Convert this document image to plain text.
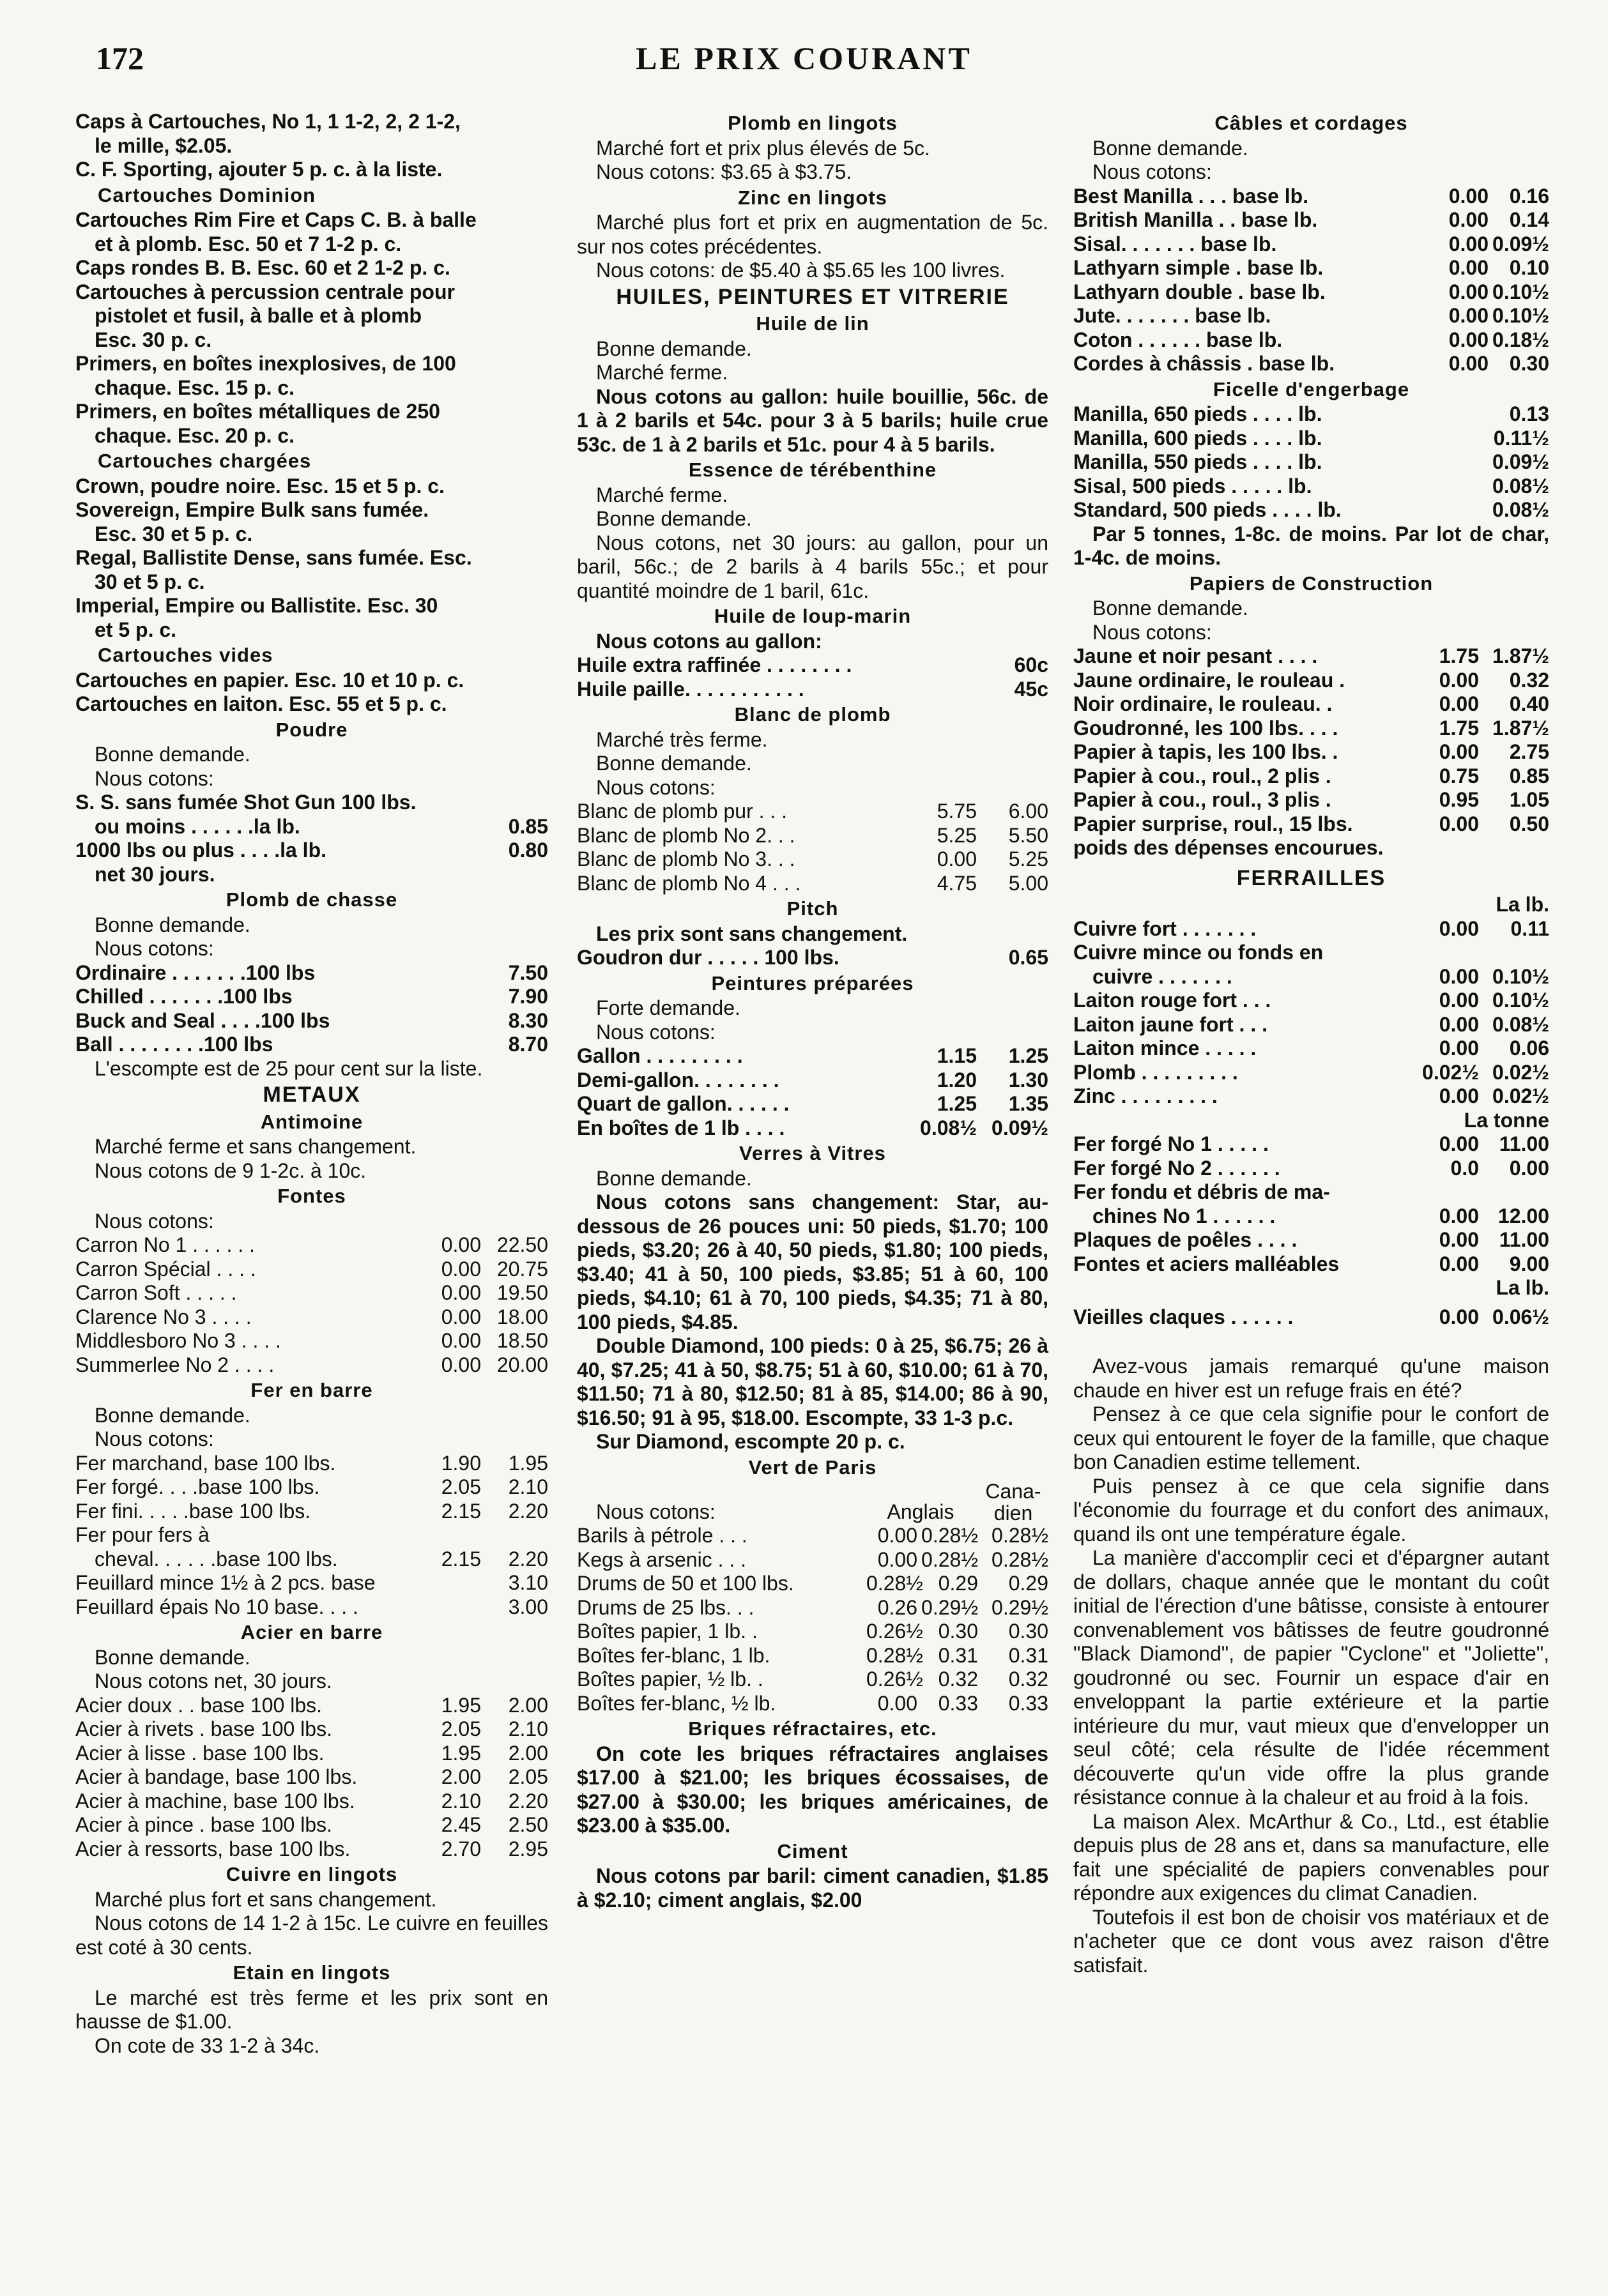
172	LE PRIX COURANT
Caps à Cartouches, No 1, 1 1-2, 2, 2 1-2,
le mille, $2.05.
C. F. Sporting, ajouter 5 p. c. à la liste.
Cartouches Dominion
Cartouches Rim Fire et Caps C. B. à balle
et à plomb. Esc. 50 et 7 1-2 p. c.
Caps rondes B. B. Esc. 60 et 2 1-2 p. c.
Cartouches à percussion centrale pour
pistolet et fusil, à balle et à plomb
Esc. 30 p. c.
Primers, en boîtes inexplosives, de 100
chaque. Esc. 15 p. c.
Primers, en boîtes métalliques de 250
chaque. Esc. 20 p. c.
Cartouches chargées
Crown, poudre noire. Esc. 15 et 5 p. c.
Sovereign, Empire Bulk sans fumée.
Esc. 30 et 5 p. c.
Regal, Ballistite Dense, sans fumée. Esc.
30 et 5 p. c.
Imperial, Empire ou Ballistite. Esc. 30
et 5 p. c.
Cartouches vides
Cartouches en papier. Esc. 10 et 10 p. c.
Cartouches en laiton. Esc. 55 et 5 p. c.
Poudre
Bonne demande.
Nous cotons:
S. S. sans fumée Shot Gun 100 lbs.
ou moins . . . . . .la lb.	0.85
1000 lbs ou plus . . . .la lb.	0.80
net 30 jours.
Plomb de chasse
Bonne demande.
Nous cotons:
Ordinaire . . . . . . .100 lbs	7.50
Chilled . . . . . . .100 lbs	7.90
Buck and Seal . . . .100 lbs	8.30
Ball . . . . . . . .100 lbs	8.70
L'escompte est de 25 pour cent sur la liste.
METAUX
Antimoine
Marché ferme et sans changement.
Nous cotons de 9 1-2c. à 10c.
Fontes
Nous cotons:
Carron No 1 . . . . . .	0.00 22.50
Carron Spécial . . . .	0.00 20.75
Carron Soft . . . . .	0.00 19.50
Clarence No 3 . . . .	0.00 18.00
Middlesboro No 3 . . . .	0.00 18.50
Summerlee No 2 . . . .	0.00 20.00
Fer en barre
Bonne demande.
Nous cotons:
Fer marchand, base 100 lbs.	1.90	1.95
Fer forgé. . . .base 100 lbs.	2.05	2.10
Fer fini. . . . .base 100 lbs.	2.15	2.20
Fer pour fers à
cheval. . . . . .base 100 lbs.	2.15	2.20
Feuillard mince 1½ à 2 pcs. base	3.10
Feuillard épais No 10 base. . . .	3.00
Acier en barre
Bonne demande.
Nous cotons net, 30 jours.
Acier doux . . base 100 lbs.	1.95	2.00
Acier à rivets . base 100 lbs.	2.05	2.10
Acier à lisse . base 100 lbs.	1.95	2.00
Acier à bandage, base 100 lbs.	2.00	2.05
Acier à machine, base 100 lbs.	2.10	2.20
Acier à pince . base 100 lbs.	2.45	2.50
Acier à ressorts, base 100 lbs.	2.70	2.95
Cuivre en lingots
Marché plus fort et sans changement.
Nous cotons de 14 1-2 à 15c. Le cuivre en feuilles est coté à 30 cents.
Etain en lingots
Le marché est très ferme et les prix sont en hausse de $1.00.
On cote de 33 1-2 à 34c.
Plomb en lingots
Marché fort et prix plus élevés de 5c.
Nous cotons: $3.65 à $3.75.
Zinc en lingots
Marché plus fort et prix en augmentation de 5c. sur nos cotes précédentes.
Nous cotons: de $5.40 à $5.65 les 100 livres.
HUILES, PEINTURES ET VITRERIE
Huile de lin
Bonne demande.
Marché ferme.
Nous cotons au gallon: huile bouillie, 56c. de 1 à 2 barils et 54c. pour 3 à 5 barils; huile crue 53c. de 1 à 2 barils et 51c. pour 4 à 5 barils.
Essence de térébenthine
Marché ferme.
Bonne demande.
Nous cotons, net 30 jours: au gallon, pour un baril, 56c.; de 2 barils à 4 barils 55c.; et pour quantité moindre de 1 baril, 61c.
Huile de loup-marin
Nous cotons au gallon:
Huile extra raffinée . . . . . . . .	60c
Huile paille. . . . . . . . . . .	45c
Blanc de plomb
Marché très ferme.
Bonne demande.
Nous cotons:
Blanc de plomb pur . . .	5.75	6.00
Blanc de plomb No 2. . .	5.25	5.50
Blanc de plomb No 3. . .	0.00	5.25
Blanc de plomb No 4 . . .	4.75	5.00
Pitch
Les prix sont sans changement.
Goudron dur . . . . . 100 lbs.	0.65
Peintures préparées
Forte demande.
Nous cotons:
Gallon . . . . . . . . .	1.15	1.25
Demi-gallon. . . . . . . .	1.20	1.30
Quart de gallon. . . . . .	1.25	1.35
En boîtes de 1 lb . . . .	0.08½ 0.09½
Verres à Vitres
Bonne demande.
Nous cotons sans changement: Star, au-dessous de 26 pouces uni: 50 pieds, $1.70; 100 pieds, $3.20; 26 à 40, 50 pieds, $1.80; 100 pieds, $3.40; 41 à 50, 100 pieds, $3.85; 51 à 60, 100 pieds, $4.10; 61 à 70, 100 pieds, $4.35; 71 à 80, 100 pieds, $4.85.
Double Diamond, 100 pieds: 0 à 25, $6.75; 26 à 40, $7.25; 41 à 50, $8.75; 51 à 60, $10.00; 61 à 70, $11.50; 71 à 80, $12.50; 81 à 85, $14.00; 86 à 90, $16.50; 91 à 95, $18.00. Escompte, 33 1-3 p.c.
Sur Diamond, escompte 20 p. c.
Vert de Paris
Nous cotons:	Anglais
Cana-
dien
Barils à pétrole . . .	0.00 0.28½ 0.28½
Kegs à arsenic . . .	0.00 0.28½ 0.28½
Drums de 50 et 100 lbs.	0.28½ 0.29	0.29
Drums de 25 lbs. . .	0.26 0.29½ 0.29½
Boîtes papier, 1 lb. .	0.26½ 0.30	0.30
Boîtes fer-blanc, 1 lb.	0.28½ 0.31	0.31
Boîtes papier, ½ lb. .	0.26½ 0.32	0.32
Boîtes fer-blanc, ½ lb.	0.00	0.33	0.33
Briques réfractaires, etc.
On cote les briques réfractaires anglaises $17.00 à $21.00; les briques écossaises, de $27.00 à $30.00; les briques américaines, de $23.00 à $35.00.
Ciment
Nous cotons par baril: ciment canadien, $1.85 à $2.10; ciment anglais, $2.00
Câbles et cordages
Bonne demande.
Nous cotons:
Best Manilla . . . base lb.	0.00	0.16
British Manilla . . base lb.	0.00	0.14
Sisal. . . . . . . base lb.	0.00 0.09½
Lathyarn simple . base lb.	0.00	0.10
Lathyarn double . base lb.	0.00 0.10½
Jute. . . . . . . base lb.	0.00 0.10½
Coton . . . . . . base lb.	0.00 0.18½
Cordes à châssis . base lb.	0.00	0.30
Ficelle d'engerbage
Manilla, 650 pieds . . . . lb.	0.13
Manilla, 600 pieds . . . . lb.	0.11½
Manilla, 550 pieds . . . . lb.	0.09½
Sisal, 500 pieds . . . . . lb.	0.08½
Standard, 500 pieds . . . . lb.	0.08½
Par 5 tonnes, 1-8c. de moins. Par lot de char, 1-4c. de moins.
Papiers de Construction
Bonne demande.
Nous cotons:
Jaune et noir pesant . . . .	1.75 1.87½
Jaune ordinaire, le rouleau .	0.00	0.32
Noir ordinaire, le rouleau. .	0.00	0.40
Goudronné, les 100 lbs. . . .	1.75 1.87½
Papier à tapis, les 100 lbs. .	0.00	2.75
Papier à cou., roul., 2 plis .	0.75	0.85
Papier à cou., roul., 3 plis .	0.95	1.05
Papier surprise, roul., 15 lbs.	0.00	0.50
poids des dépenses encourues.
FERRAILLES
La lb.
Cuivre fort . . . . . . .	0.00	0.11
Cuivre mince ou fonds en
cuivre . . . . . . .	0.00 0.10½
Laiton rouge fort . . .	0.00 0.10½
Laiton jaune fort . . .	0.00 0.08½
Laiton mince . . . . .	0.00	0.06
Plomb . . . . . . . . .	0.02½ 0.02½
Zinc . . . . . . . . .	0.00 0.02½
La tonne
Fer forgé No 1 . . . . .	0.00 11.00
Fer forgé No 2 . . . . . .	0.0	0.00
Fer fondu et débris de ma-
chines No 1 . . . . . .	0.00 12.00
Plaques de poêles . . . .	0.00 11.00
Fontes et aciers malléables	0.00	9.00
La lb.
Vieilles claques . . . . . .	0.00 0.06½
Avez-vous jamais remarqué qu'une maison chaude en hiver est un refuge frais en été?
Pensez à ce que cela signifie pour le confort de ceux qui entourent le foyer de la famille, que chaque bon Canadien estime tellement.
Puis pensez à ce que cela signifie dans l'économie du fourrage et du confort des animaux, quand ils ont une température égale.
La manière d'accomplir ceci et d'épargner autant de dollars, chaque année que le montant du coût initial de l'érection d'une bâtisse, consiste à entourer convenablement vos bâtisses de feutre goudronné "Black Diamond", de papier "Cyclone" et "Joliette", goudronné ou sec. Fournir un espace d'air en enveloppant la partie extérieure et la partie intérieure du mur, vaut mieux que d'envelopper un seul côté; cela résulte de l'idée récemment découverte qu'un vide offre la plus grande résistance connue à la chaleur et au froid à la fois.
La maison Alex. McArthur & Co., Ltd., est établie depuis plus de 28 ans et, dans sa manufacture, elle fait une spécialité de papiers convenables pour répondre aux exigences du climat Canadien.
Toutefois il est bon de choisir vos matériaux et de n'acheter que ce dont vous avez raison d'être satisfait.
